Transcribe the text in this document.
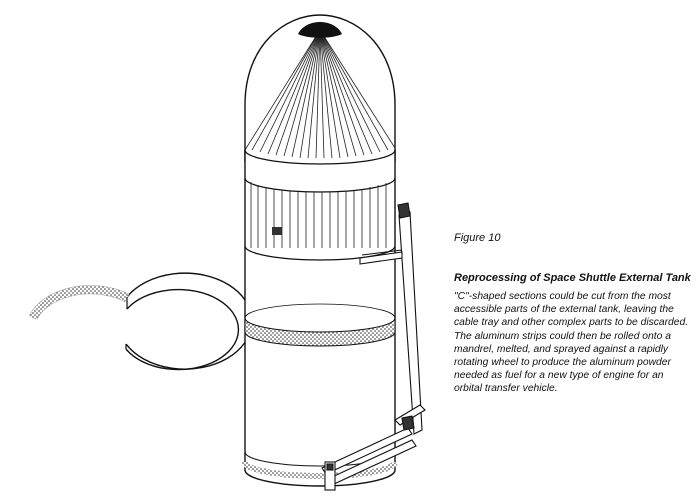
Figure 10

Reprocessing of Space Shuttle External Tank

"C"-shaped sections could be cut from the most accessible parts of the external tank, leaving the cable tray and other complex parts to be discarded. The aluminum strips could then be rolled onto a mandrel, melted, and sprayed against a rapidly rotating wheel to produce the aluminum powder needed as fuel for a new type of engine for an orbital transfer vehicle.
